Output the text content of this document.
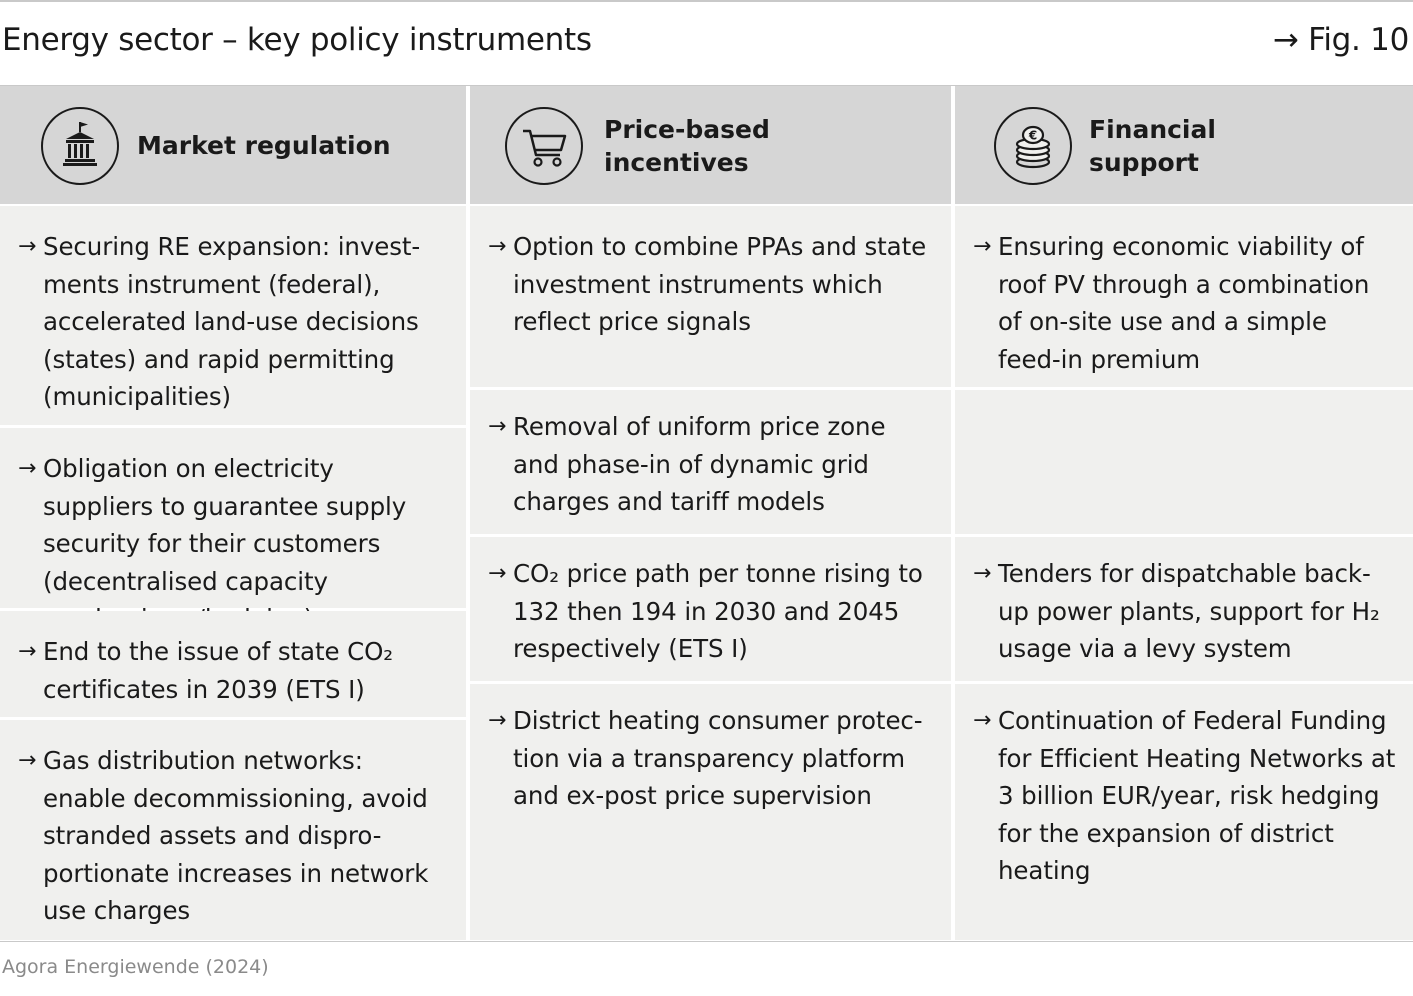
Energy sector – key policy instruments	→ Fig. 10
Market regulation
→ Securing RE expansion: invest-ments instrument (federal), accelerated land-use decisions (states) and rapid permitting (municipalities)
→ Obligation on electricity suppliers to guarantee supply security for their customers (decentralised capacity
→ End to the issue of state CO₂ certificates in 2039 (ETS I)
→ Gas distribution networks: enable decommissioning, avoid stranded assets and dispro-portionate increases in network use charges
Price-based incentives
→ Option to combine PPAs and state investment instruments which reflect price signals
→ Removal of uniform price zone and phase-in of dynamic grid charges and tariff models
→ CO₂ price path per tonne rising to 132 then 194 in 2030 and 2045 respectively (ETS I)
→ District heating consumer protec-tion via a transparency platform and ex-post price supervision
€ Financial support
→ Ensuring economic viability of roof PV through a combination of on-site use and a simple feed-in premium
→ Tenders for dispatchable back-up power plants, support for H₂ usage via a levy system
→ Continuation of Federal Funding for Efficient Heating Networks at 3 billion EUR/year, risk hedging for the expansion of district heating
Agora Energiewende (2024)
